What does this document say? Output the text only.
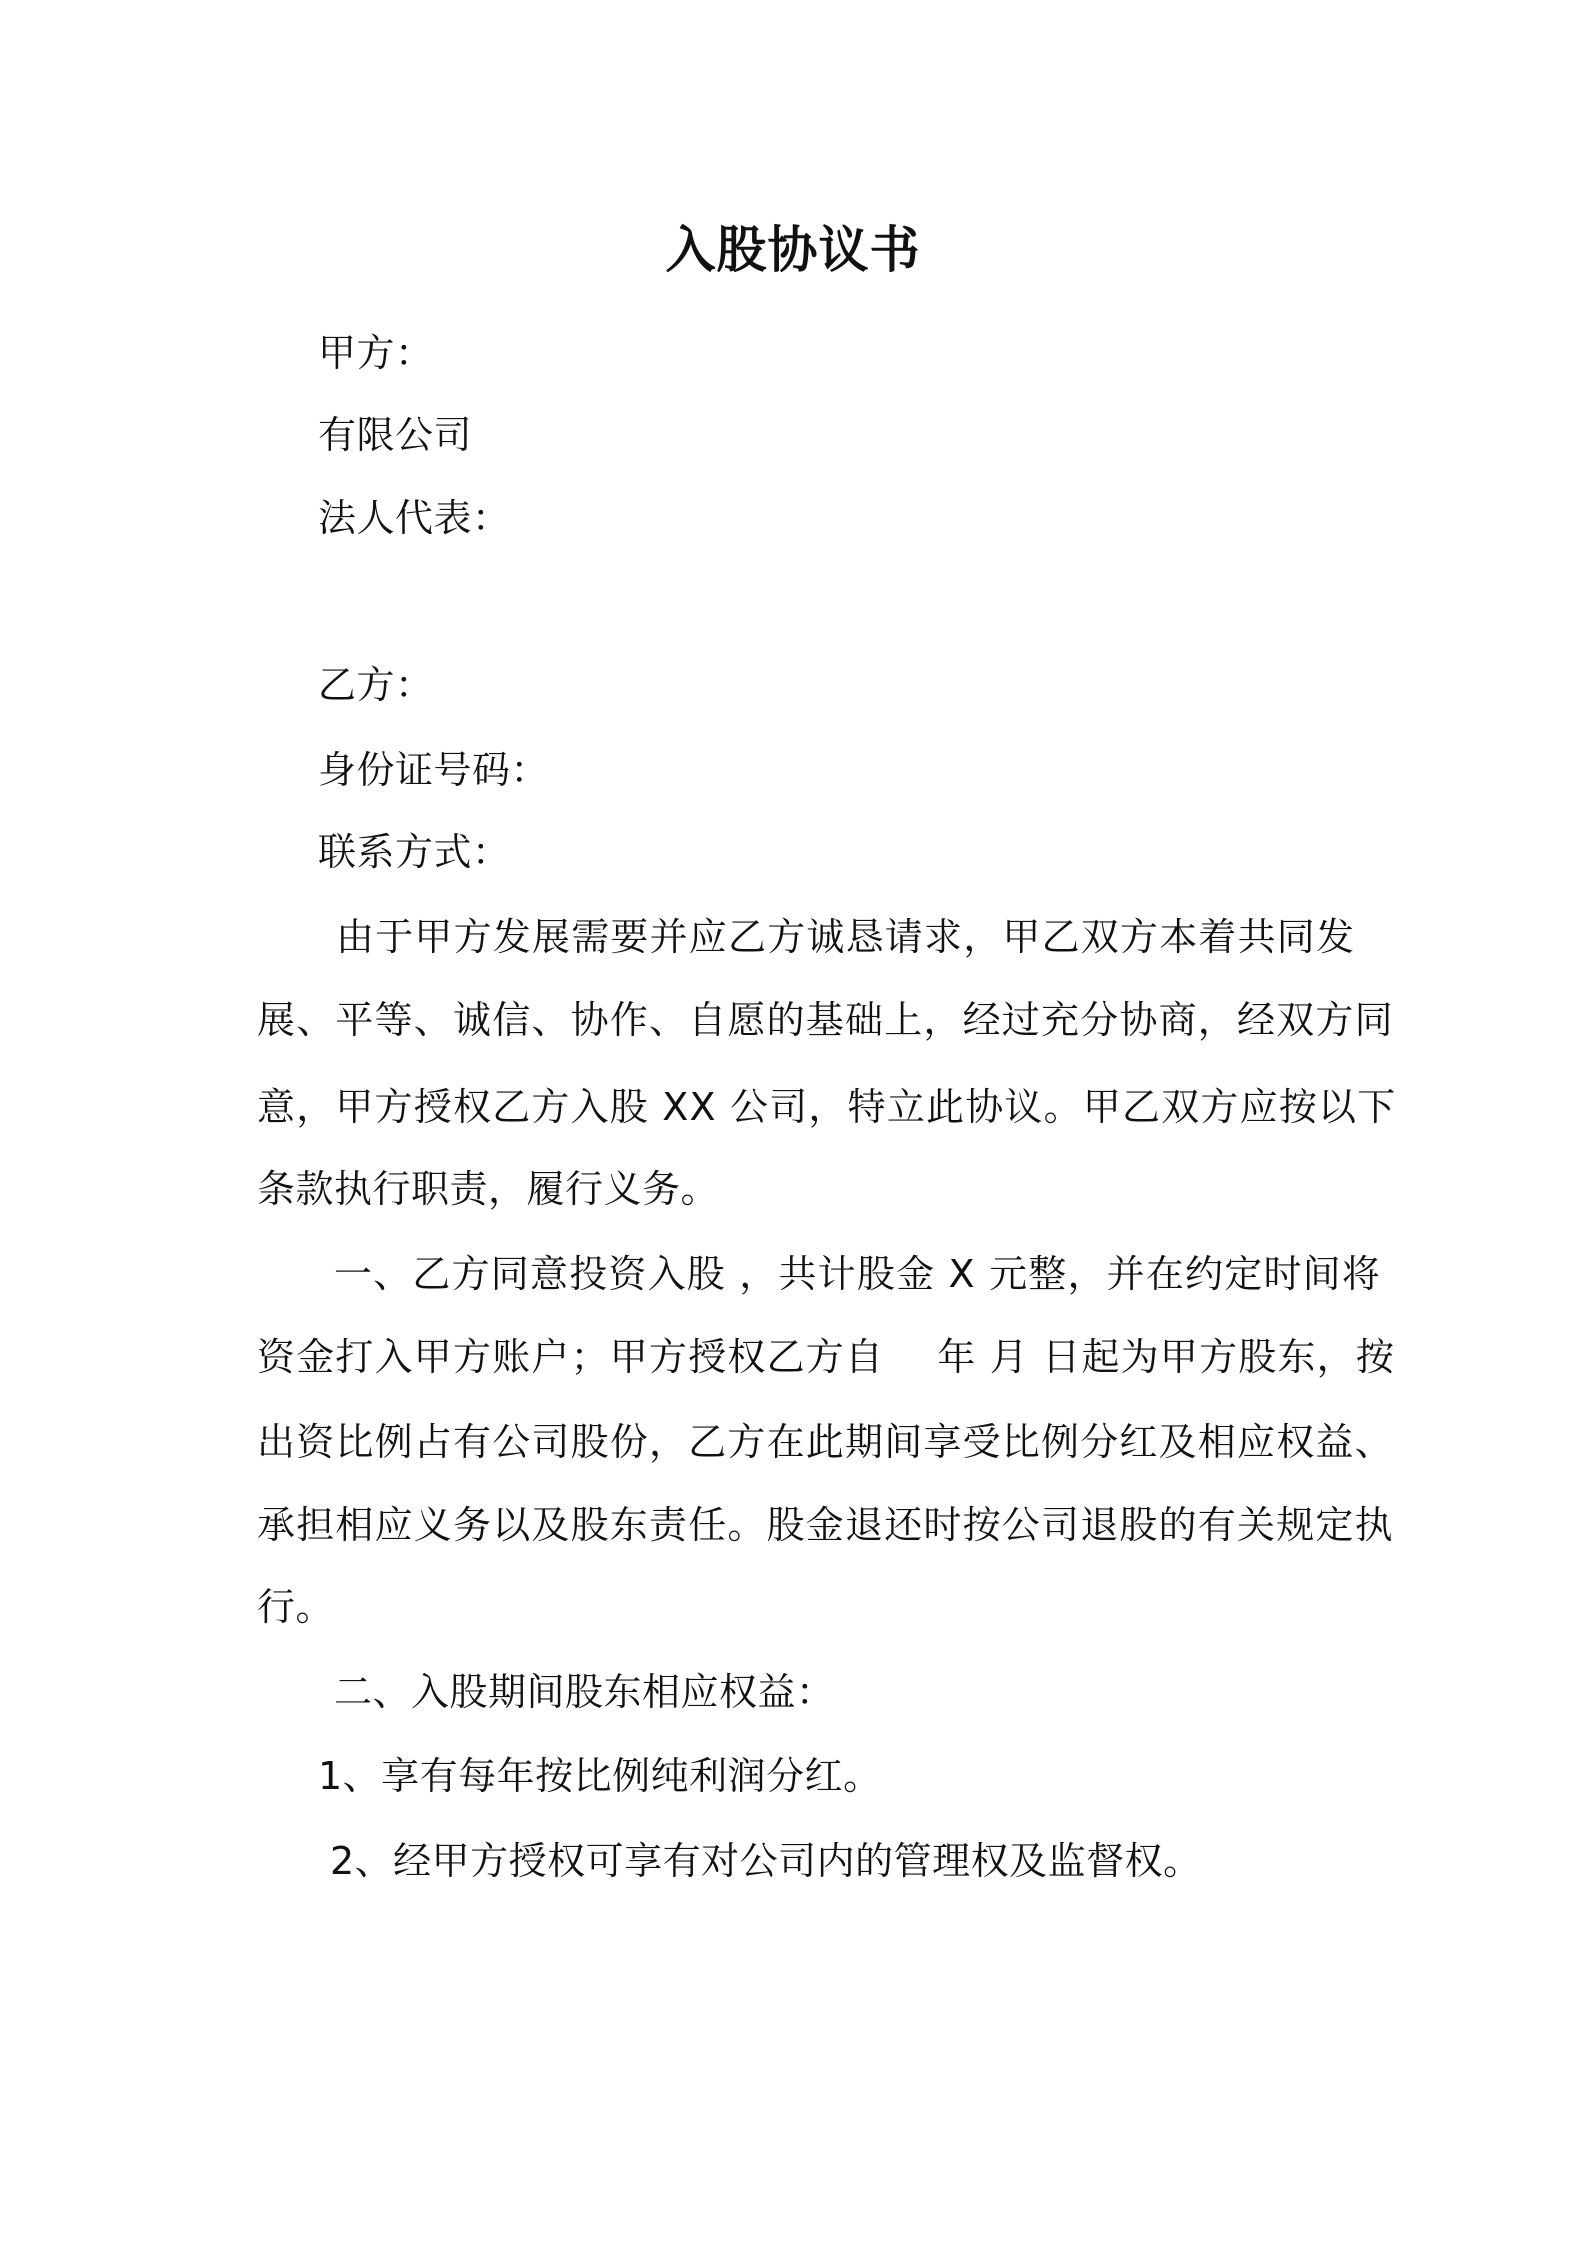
入股协议书
甲方：
有限公司
法人代表：
乙方：
身份证号码：
联系方式：
由于甲方发展需要并应乙方诚恳请求，甲乙双方本着共同发
展、平等、诚信、协作、自愿的基础上，经过充分协商，经双方同
意，甲方授权乙方入股 XX 公司，特立此协议。甲乙双方应按以下
条款执行职责，履行义务。
一、乙方同意投资入股 ，共计股金 X 元整，并在约定时间将
资金打入甲方账户；甲方授权乙方自    年 月 日起为甲方股东，按
出资比例占有公司股份，乙方在此期间享受比例分红及相应权益、
承担相应义务以及股东责任。股金退还时按公司退股的有关规定执
行。
二、入股期间股东相应权益：
1、享有每年按比例纯利润分红。
2、经甲方授权可享有对公司内的管理权及监督权。
